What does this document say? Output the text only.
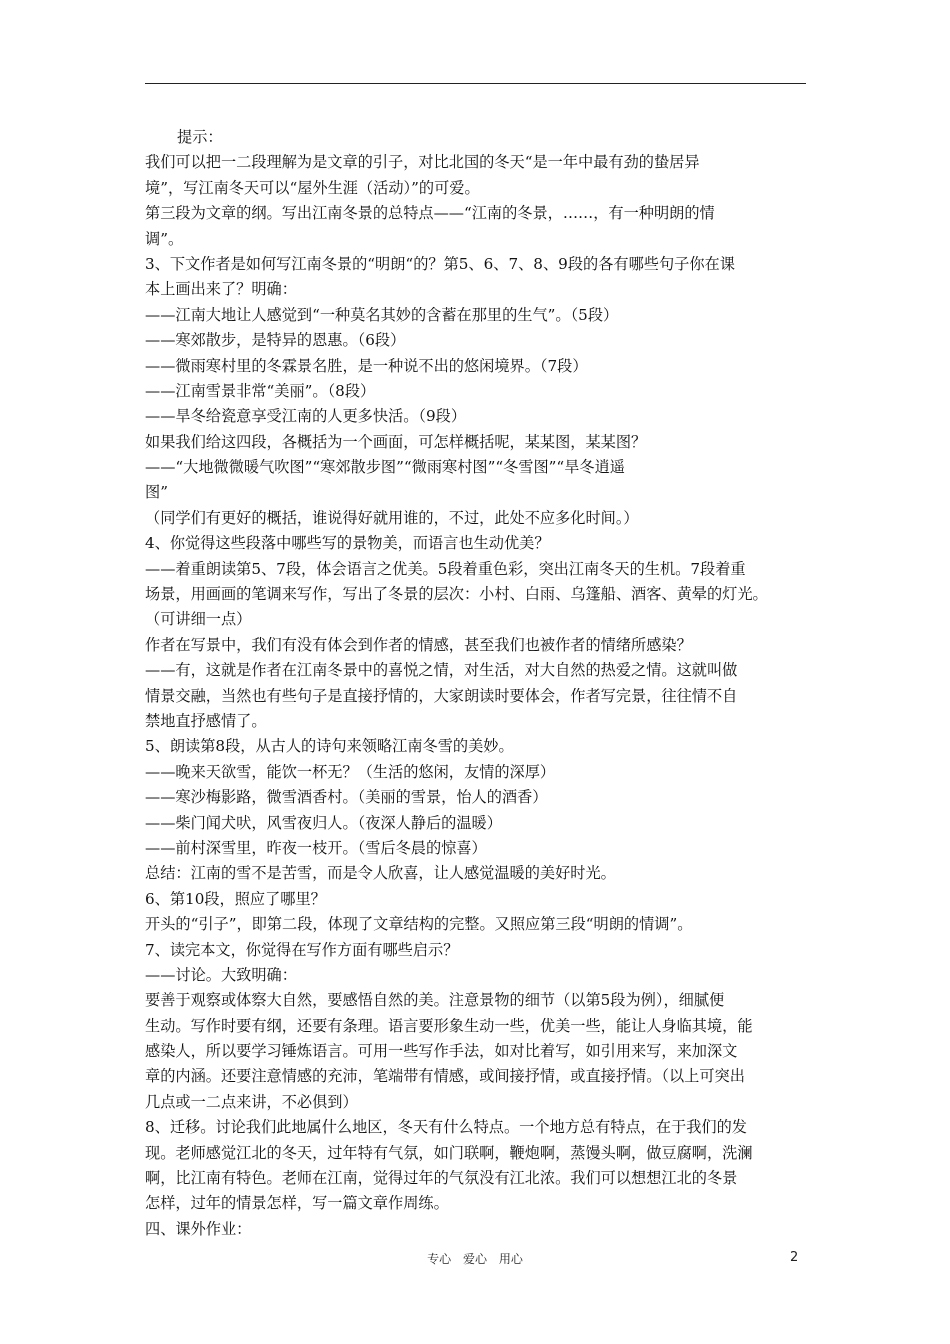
提示：
我们可以把一二段理解为是文章的引子，对比北国的冬天“是一年中最有劲的蛰居异
境”，写江南冬天可以“屋外生涯（活动）”的可爱。
第三段为文章的纲。写出江南冬景的总特点——“江南的冬景，……，有一种明朗的情
调”。
3、下文作者是如何写江南冬景的“明朗“的？第5、6、7、8、9段的各有哪些句子你在课
本上画出来了？明确：
——江南大地让人感觉到“一种莫名其妙的含蓄在那里的生气”。（5段）
——寒郊散步，是特异的恩惠。（6段）
——微雨寒村里的冬霖景名胜，是一种说不出的悠闲境界。（7段）
——江南雪景非常“美丽”。（8段）
——旱冬给瓷意享受江南的人更多快活。（9段）
如果我们给这四段，各概括为一个画面，可怎样概括呢，某某图，某某图？
——“大地微微暖气吹图”“寒郊散步图”“微雨寒村图”“冬雪图”“旱冬逍遥
图”
（同学们有更好的概括，谁说得好就用谁的，不过，此处不应多化时间。）
4、你觉得这些段落中哪些写的景物美，而语言也生动优美？
——着重朗读第5、7段，体会语言之优美。5段着重色彩，突出江南冬天的生机。7段着重
场景，用画画的笔调来写作，写出了冬景的层次：小村、白雨、乌篷船、酒客、黄晕的灯光。
（可讲细一点）
作者在写景中，我们有没有体会到作者的情感，甚至我们也被作者的情绪所感染？
——有，这就是作者在江南冬景中的喜悦之情，对生活，对大自然的热爱之情。这就叫做
情景交融，当然也有些句子是直接抒情的，大家朗读时要体会，作者写完景，往往情不自
禁地直抒感情了。
5、朗读第8段，从古人的诗句来领略江南冬雪的美妙。
——晚来天欲雪，能饮一杯无？（生活的悠闲，友情的深厚）
——寒沙梅影路，微雪酒香村。（美丽的雪景，怡人的酒香）
——柴门闻犬吠，风雪夜归人。（夜深人静后的温暖）
——前村深雪里，昨夜一枝开。（雪后冬晨的惊喜）
总结：江南的雪不是苦雪，而是令人欣喜，让人感觉温暖的美好时光。
6、第10段，照应了哪里？
开头的“引子”，即第二段，体现了文章结构的完整。又照应第三段“明朗的情调”。
7、读完本文，你觉得在写作方面有哪些启示？
——讨论。大致明确：
要善于观察或体察大自然，要感悟自然的美。注意景物的细节（以第5段为例），细腻便
生动。写作时要有纲，还要有条理。语言要形象生动一些，优美一些，能让人身临其境，能
感染人，所以要学习锤炼语言。可用一些写作手法，如对比着写，如引用来写，来加深文
章的内涵。还要注意情感的充沛，笔端带有情感，或间接抒情，或直接抒情。（以上可突出
几点或一二点来讲，不必俱到）
8、迁移。讨论我们此地属什么地区，冬天有什么特点。一个地方总有特点，在于我们的发
现。老师感觉江北的冬天，过年特有气氛，如门联啊，鞭炮啊，蒸馒头啊，做豆腐啊，洗澜
啊，比江南有特色。老师在江南，觉得过年的气氛没有江北浓。我们可以想想江北的冬景
怎样，过年的情景怎样，写一篇文章作周练。
四、课外作业：
专心 爱心 用心	2
